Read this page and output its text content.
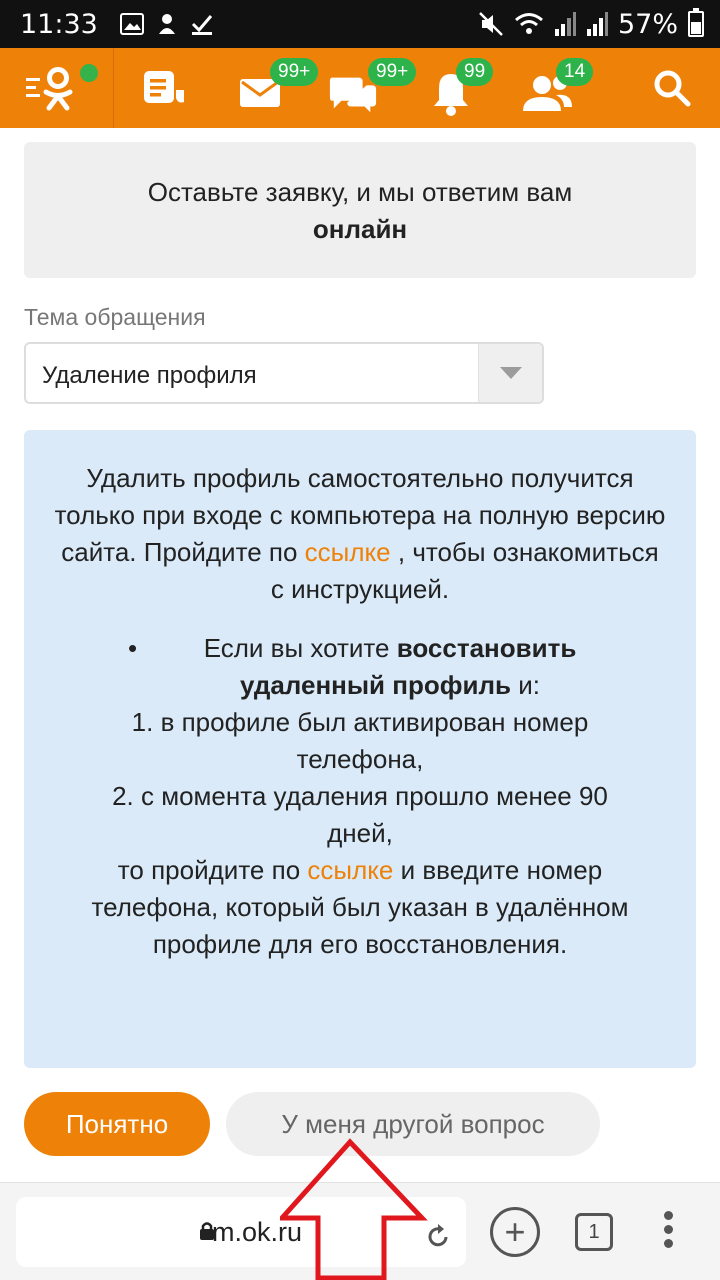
11:33	57%
99+	99+	99	14
Оставьте заявку, и мы ответим вам
онлайн
Тема обращения
Удаление профиля

Удалить профиль самостоятельно получится только при входе с компьютера на полную версию сайта. Пройдите по ссылке , чтобы ознакомиться с инструкцией.

•	Если вы хотите восстановить удаленный профиль и:

1. в профиле был активирован номер телефона,

2. с момента удаления прошло менее 90 дней,

то пройдите по ссылке и введите номер телефона, который был указан в удалённом профиле для его восстановления.

Понятно	У меня другой вопрос
m.ok.ru	+	1
